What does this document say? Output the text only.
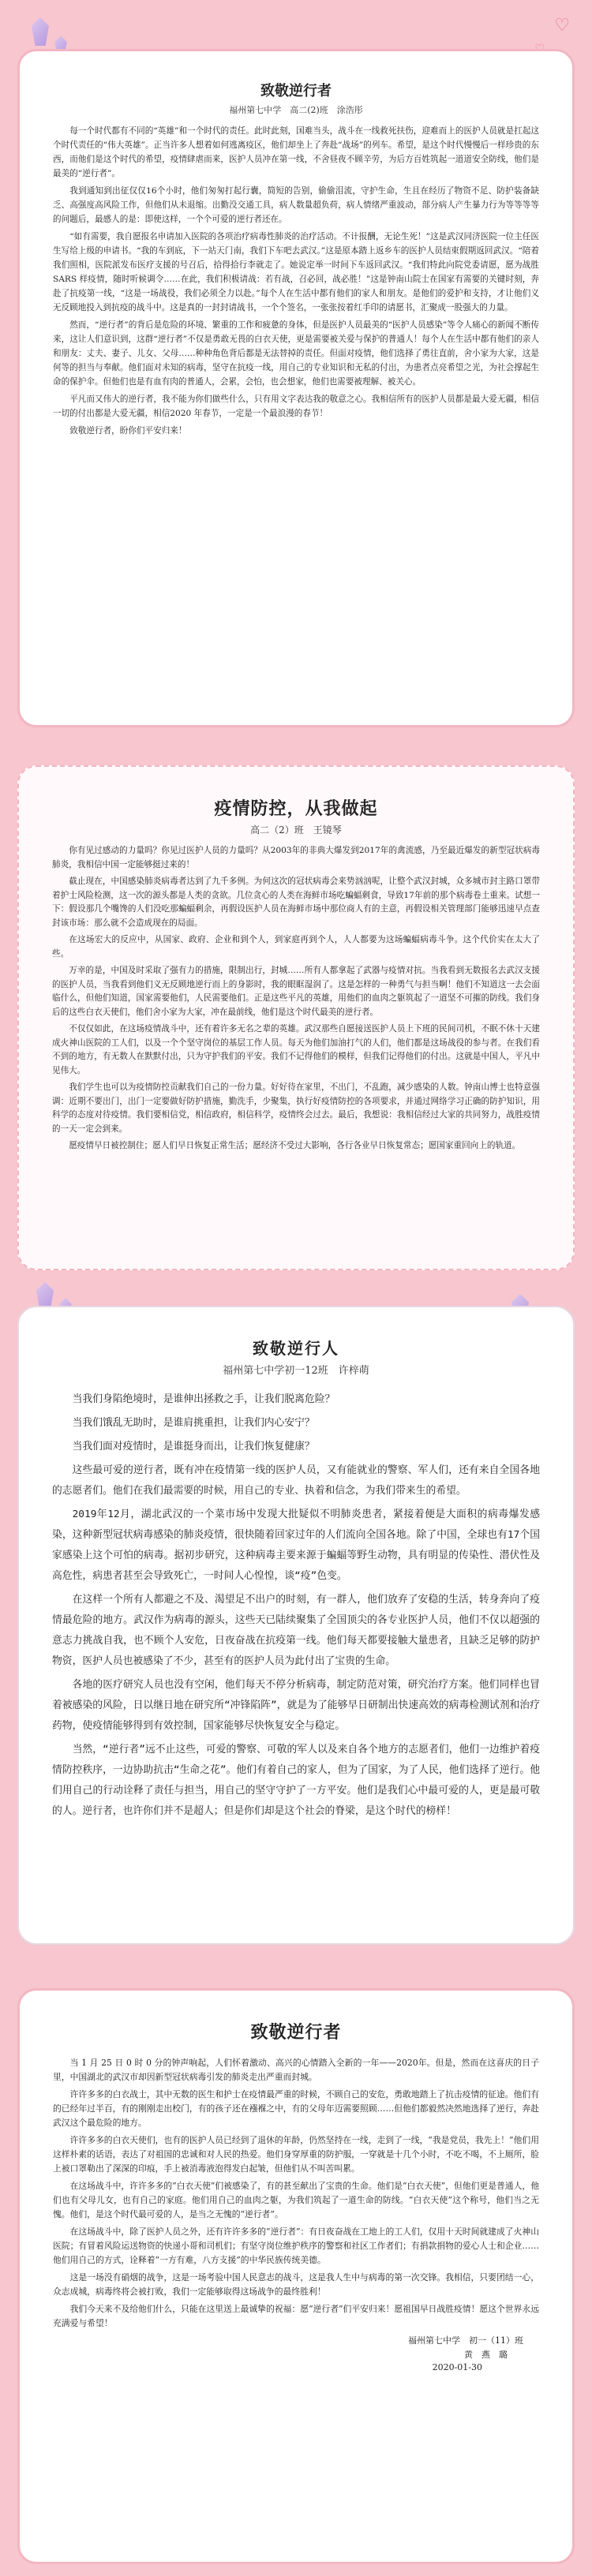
♡
致敬逆行者
福州第七中学　高二(2)班　涂浩彤

每一个时代都有不同的“英雄”和一个时代的责任。此时此刻，国难当头，战斗在一线救死扶伤，迎难而上的医护人员就是扛起这个时代责任的“伟大英雄”。正当许多人想着如何逃离疫区，他们却坐上了奔赴“战场”的列车。希望，是这个时代慢慢后一样珍贵的东西，而他们是这个时代的希望，疫情肆虐而来，医护人员冲在第一线，不舍昼夜不顾辛劳，为后方百姓筑起一道道安全防线，他们是最美的“逆行者”。

我到通知到出征仅仅16个小时，他们匆匆打起行囊，简短的告别，偷偷泪流，守护生命，生且在经历了物资不足、防护装备缺乏、高强度高风险工作，但他们从未退缩。出勤没交通工具，病人数量超负荷，病人情绪严重波动，部分病人产生暴力行为等等等等的问题后，最感人的是：即使这样，一个个可爱的逆行者还在。

“如有需要，我自愿报名申请加入医院的各项治疗病毒性肺炎的治疗活动。不计报酬，无论生死！”这是武汉同济医院一位主任医生写给上级的申请书。“我的车到底，下一站天门南，我们下车吧去武汉。”这是原本踏上返乡车的医护人员结束假期返回武汉。“陪着我们照相，医院派发布医疗支援的号召后，拾得拾行李就走了。她说定举一时间下车返回武汉。“我们特此向院党委请愿，愿为战胜SARS 样疫情，随时听候调令……在此，我们积极请战：若有战，召必回，战必胜！”这是钟南山院士在国家有需要的关键时刻，奔赴了抗疫第一线，“这是一场战役，我们必须全力以赴。”每个人在生活中都有他们的家人和朋友。是他们的爱护和支持，才让他们义无反顾地投入到抗疫的战斗中。这是真的一封封请战书，一个个签名，一张张按着红手印的请愿书，汇聚成一股强大的力量。

然而，“逆行者”的背后是危险的环境、繁重的工作和疲惫的身体，但是医护人员最美的“医护人员感染”等令人痛心的新闻不断传来，这让人们意识到，这群“逆行者”不仅是勇敢无畏的白衣天使，更是需要被关爱与保护的普通人！每个人在生活中都有他们的亲人和朋友：丈夫、妻子、儿女、父母……种种角色背后都是无法替掉的责任。但面对疫情，他们选择了勇往直前，舍小家为大家，这是何等的担当与奉献。他们面对未知的病毒，坚守在抗疫一线，用自己的专业知识和无私的付出，为患者点亮希望之光，为社会撑起生命的保护伞。但他们也是有血有肉的普通人，会累，会怕，也会想家，他们也需要被理解、被关心。

平凡而又伟大的逆行者，我不能为你们做些什么，只有用文字表达我的敬意之心。我相信所有的医护人员都是最大爱无疆，相信一切的付出都是大爱无疆，相信2020 年春节，一定是一个最浪漫的春节！

致敬逆行者，盼你们平安归来！

疫情防控，从我做起
高二（2）班　王镜琴

你有见过感动的力量吗？你见过医护人员的力量吗？从2003年的非典大爆发到2017年的禽流感，乃至最近爆发的新型冠状病毒肺炎，我相信中国一定能够挺过来的！

截止现在，中国感染肺炎病毒者达到了九千多例。为何这次的冠状病毒会来势汹汹呢，让整个武汉封城，众多城市封主路口罩带着护士风险检测，这一次的源头都是人类的贪欲。几位贪心的人类在海鲜市场吃蝙蝠剩食，导致17年前的那个病毒卷土重来。试想一下：假设那几个嘴馋的人们没吃那蝙蝠剩余，再假设医护人员在海鲜市场中那位商人有的主意，再假设相关管理部门能够迅速早点查封该市场：那么就不会造成现在的局面。

在这场宏大的反应中，从国家、政府、企业和到个人，到家庭再到个人，人人都要为这场蝙蝠病毒斗争。这个代价实在太大了些。

万幸的是，中国及时采取了强有力的措施，限制出行，封城……所有人都拿起了武器与疫情对抗。当我看到无数报名去武汉支援的医护人员，当我看到他们义无反顾地逆行而上的身影时，我的眼眶湿润了。这是怎样的一种勇气与担当啊！他们不知道这一去会面临什么，但他们知道，国家需要他们，人民需要他们。正是这些平凡的英雄，用他们的血肉之躯筑起了一道坚不可摧的防线。我们身后的这些白衣天使们，他们舍小家为大家，冲在最前线，他们是这个时代最美的逆行者。

不仅仅如此，在这场疫情战斗中，还有着许多无名之辈的英雄。武汉那些自愿接送医护人员上下班的民间司机，不眠不休十天建成火神山医院的工人们，以及一个个坚守岗位的基层工作人员。每天为他们加油打气的人们，他们都是这场战役的参与者。在我们看不到的地方，有无数人在默默付出，只为守护我们的平安。我们不记得他们的模样，但我们记得他们的付出。这就是中国人，平凡中见伟大。

我们学生也可以为疫情防控贡献我们自己的一份力量。好好待在家里，不出门，不乱跑，减少感染的人数。钟南山博士也特意强调：近期不要出门，出门一定要做好防护措施，勤洗手，少聚集，执行好疫情防控的各项要求，并通过网络学习正确的防护知识，用科学的态度对待疫情。我们要相信党，相信政府，相信科学，疫情终会过去。最后，我想说：我相信经过大家的共同努力，战胜疫情的一天一定会到来。

愿疫情早日被控制住；愿人们早日恢复正常生活；愿经济不受过大影响，各行各业早日恢复常态；愿国家重回向上的轨道。

致敬逆行人
福州第七中学初一12班　许梓萌

当我们身陷绝境时，是谁伸出拯救之手，让我们脱离危险？

当我们饿乱无助时，是谁肩挑重担，让我们内心安宁？

当我们面对疫情时，是谁挺身而出，让我们恢复健康？

这些最可爱的逆行者，既有冲在疫情第一线的医护人员，又有能就业的警察、军人们，还有来自全国各地的志愿者们。他们在我们最需要的时候，用自己的专业、执着和信念，为我们带来生的希望。

2019年12月，湖北武汉的一个菜市场中发现大批疑似不明肺炎患者，紧接着便是大面积的病毒爆发感染，这种新型冠状病毒感染的肺炎疫情，很快随着回家过年的人们流向全国各地。除了中国，全球也有17个国家感染上这个可怕的病毒。据初步研究，这种病毒主要来源于蝙蝠等野生动物，具有明显的传染性、潜伏性及高危性，病患者甚至会导致死亡，一时间人心惶惶，谈“疫”色变。

在这样一个所有人都避之不及、渴望足不出户的时刻，有一群人，他们放弃了安稳的生活，转身奔向了疫情最危险的地方。武汉作为病毒的源头，这些天已陆续聚集了全国顶尖的各专业医护人员，他们不仅以超强的意志力挑战自我，也不顾个人安危，日夜奋战在抗疫第一线。他们每天都要接触大量患者，且缺乏足够的防护物资，医护人员也被感染了不少，甚至有的医护人员为此付出了宝贵的生命。

各地的医疗研究人员也没有空闲，他们每天不停分析病毒，制定防范对策，研究治疗方案。他们同样也冒着被感染的风险，日以继日地在研究所“冲锋陷阵”，就是为了能够早日研制出快速高效的病毒检测试剂和治疗药物，使疫情能够得到有效控制，国家能够尽快恢复安全与稳定。

当然，“逆行者”远不止这些，可爱的警察、可敬的军人以及来自各个地方的志愿者们，他们一边维护着疫情防控秩序，一边协助抗击“生命之花”。他们有着自己的家人，但为了国家，为了人民，他们选择了逆行。他们用自己的行动诠释了责任与担当，用自己的坚守守护了一方平安。他们是我们心中最可爱的人，更是最可敬的人。逆行者，也许你们并不是超人；但是你们却是这个社会的脊梁，是这个时代的榜样！

致敬逆行者

当 1 月 25 日 0 时 0 分的钟声响起，人们怀着激动、高兴的心情踏入全新的一年——2020年。但是，然而在这喜庆的日子里，中国湖北的武汉市却因新型冠状病毒引发的肺炎走出严重而封城。

许许多多的白衣战士，其中无数的医生和护士在疫情最严重的时候，不顾自己的安危，勇敢地踏上了抗击疫情的征途。他们有的已经年过半百，有的刚刚走出校门，有的孩子还在襁褓之中，有的父母年迈需要照顾……但他们都毅然决然地选择了逆行，奔赴武汉这个最危险的地方。

许许多多的白衣天使们，也有的医护人员已经到了退休的年龄，仍然坚持在一线，走到了一线，“我是党员，我先上！”他们用这样朴素的话语，表达了对祖国的忠诚和对人民的热爱。他们身穿厚重的防护服，一穿就是十几个小时，不吃不喝，不上厕所，脸上被口罩勒出了深深的印痕，手上被消毒液泡得发白起皱，但他们从不叫苦叫累。

在这场战斗中，许许多多的“白衣天使”们被感染了，有的甚至献出了宝贵的生命。他们是“白衣天使”，但他们更是普通人，他们也有父母儿女，也有自己的家庭。他们用自己的血肉之躯，为我们筑起了一道生命的防线。“白衣天使”这个称号，他们当之无愧。他们，是这个时代最可爱的人，是当之无愧的“逆行者”。

在这场战斗中，除了医护人员之外，还有许许多多的“逆行者”：有日夜奋战在工地上的工人们，仅用十天时间就建成了火神山医院；有冒着风险运送物资的快递小哥和司机们；有坚守岗位维护秩序的警察和社区工作者们；有捐款捐物的爱心人士和企业……他们用自己的方式，诠释着“一方有难，八方支援”的中华民族传统美德。

这是一场没有硝烟的战争，这是一场考验中国人民意志的战斗，这是我人生中与病毒的第一次交锋。我相信，只要团结一心，众志成城，病毒终将会被打败，我们一定能够取得这场战争的最终胜利！

我们今天来不及给他们什么，只能在这里送上最诚挚的祝福：愿“逆行者”们平安归来！愿祖国早日战胜疫情！愿这个世界永远充满爱与希望！

福州第七中学　初一（11）班
黄　燕　璐
2020-01-30
